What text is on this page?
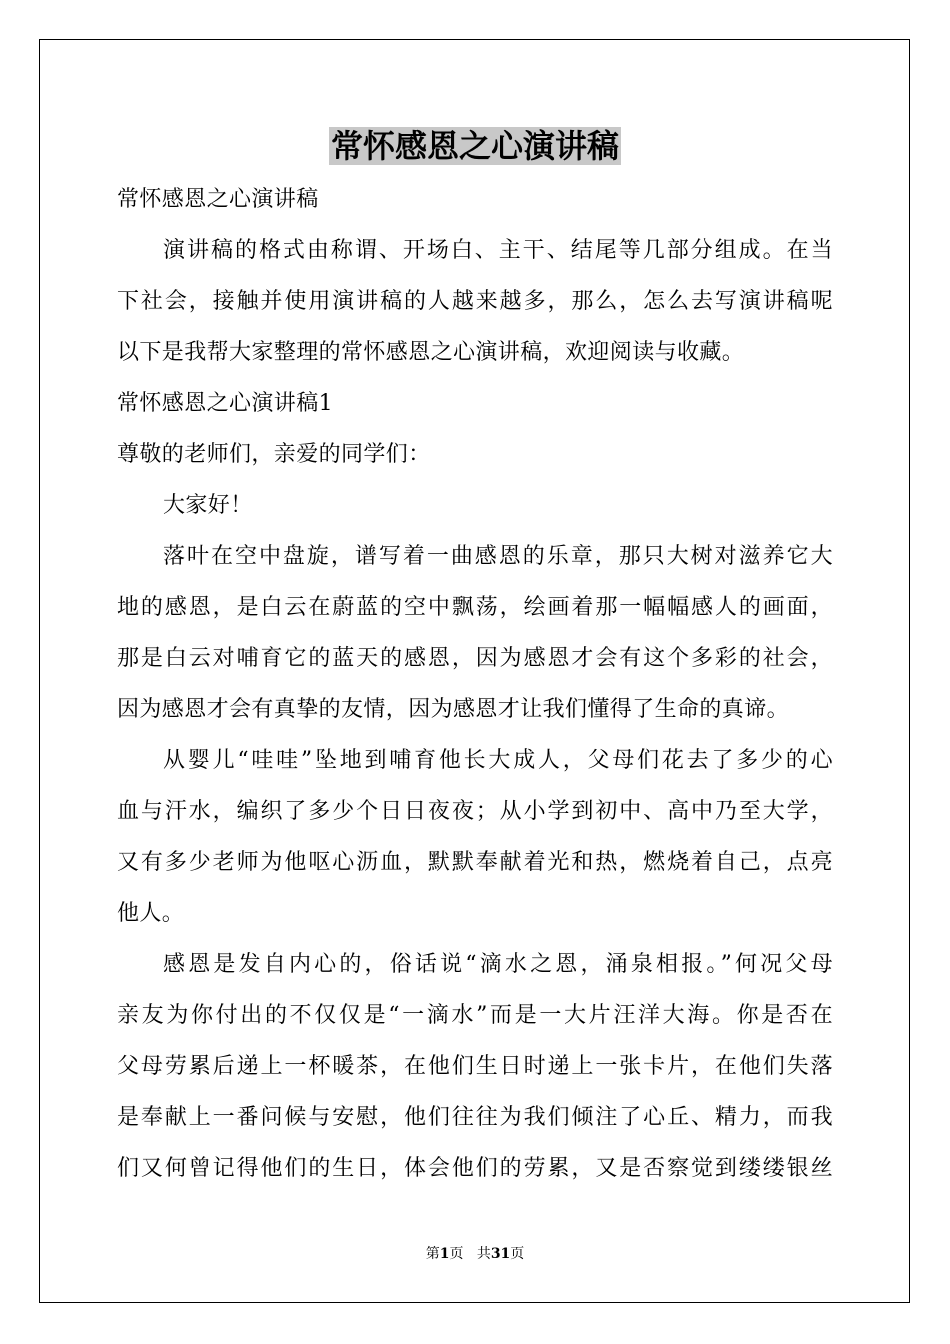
常怀感恩之心演讲稿
常怀感恩之心演讲稿
演讲稿的格式由称谓、开场白、主干、结尾等几部分组成。在当
下社会，接触并使用演讲稿的人越来越多，那么，怎么去写演讲稿呢
以下是我帮大家整理的常怀感恩之心演讲稿，欢迎阅读与收藏。
常怀感恩之心演讲稿1
尊敬的老师们，亲爱的同学们：
大家好！
落叶在空中盘旋，谱写着一曲感恩的乐章，那只大树对滋养它大
地的感恩，是白云在蔚蓝的空中飘荡，绘画着那一幅幅感人的画面，
那是白云对哺育它的蓝天的感恩，因为感恩才会有这个多彩的社会，
因为感恩才会有真挚的友情，因为感恩才让我们懂得了生命的真谛。
从婴儿“哇哇”坠地到哺育他长大成人，父母们花去了多少的心
血与汗水，编织了多少个日日夜夜；从小学到初中、高中乃至大学，
又有多少老师为他呕心沥血，默默奉献着光和热，燃烧着自己，点亮
他人。
感恩是发自内心的，俗话说“滴水之恩，涌泉相报。”何况父母
亲友为你付出的不仅仅是“一滴水”而是一大片汪洋大海。你是否在
父母劳累后递上一杯暖茶，在他们生日时递上一张卡片，在他们失落
是奉献上一番问候与安慰，他们往往为我们倾注了心丘、精力，而我
们又何曾记得他们的生日，体会他们的劳累，又是否察觉到缕缕银丝
第1页 共31页
